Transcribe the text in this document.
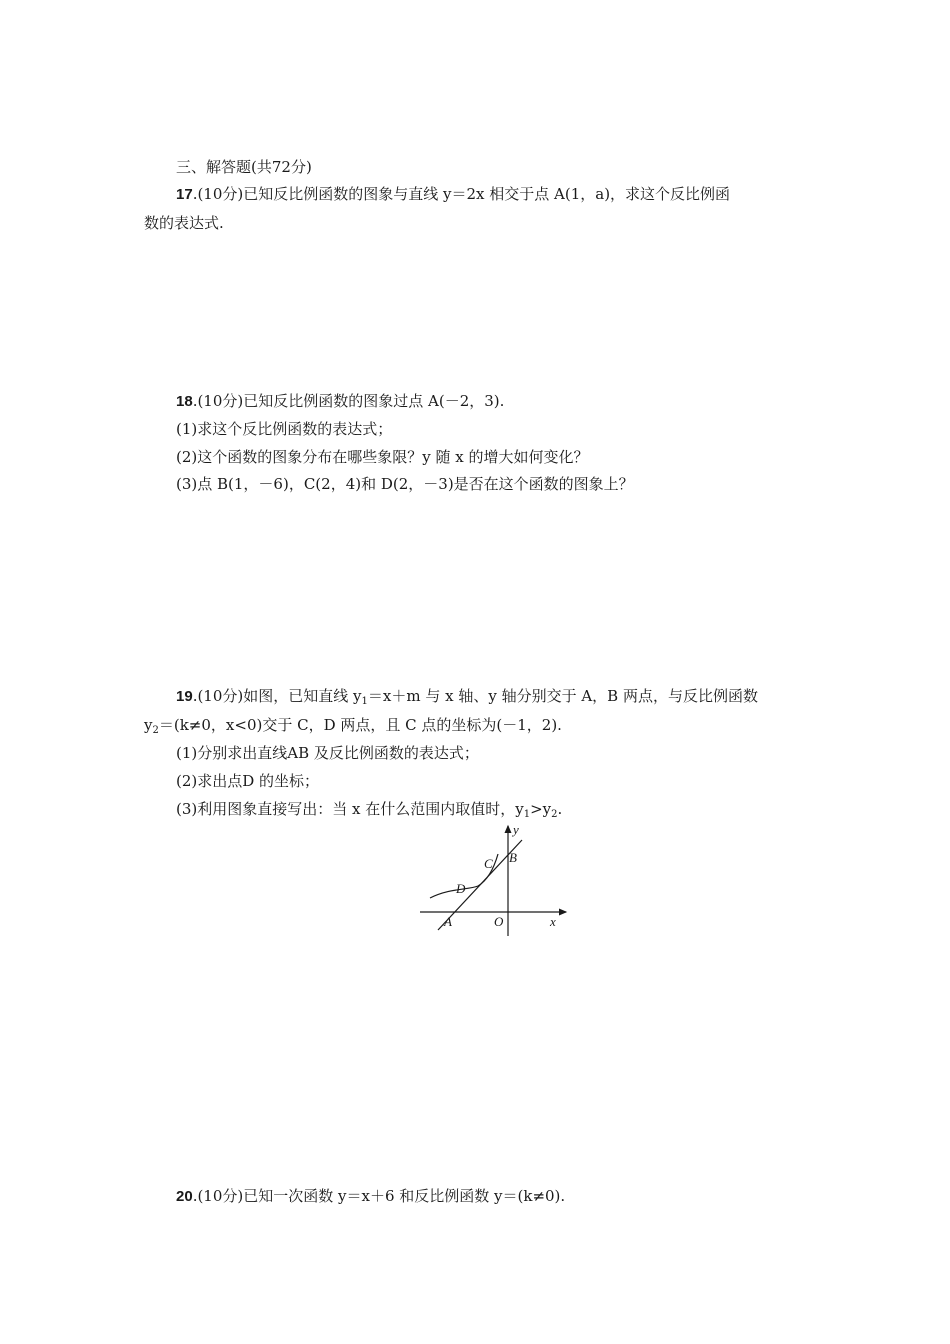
三、解答题(共72分)
17.(10分)已知反比例函数的图象与直线 y＝2x 相交于点 A(1，a)，求这个反比例函
数的表达式.
18.(10分)已知反比例函数的图象过点 A(－2，3).
(1)求这个反比例函数的表达式；
(2)这个函数的图象分布在哪些象限？y 随 x 的增大如何变化？
(3)点 B(1，－6)，C(2，4)和 D(2，－3)是否在这个函数的图象上？
19.(10分)如图，已知直线 $y_1=x+m$ 与 x 轴、y 轴分别交于 A，B 两点，与反比例函数
$y_2=(k\ne 0$，x<0)交于 C，D 两点，且 C 点的坐标为(－1，2).
(1)分别求出直线AB 及反比例函数的表达式；
(2)求出点D 的坐标；
(3)利用图象直接写出：当 x 在什么范围内取值时，$y_1>y_2$.
y
x
O
A
B
C
D
20.(10分)已知一次函数 y＝x＋6 和反比例函数 y＝(k≠0).
